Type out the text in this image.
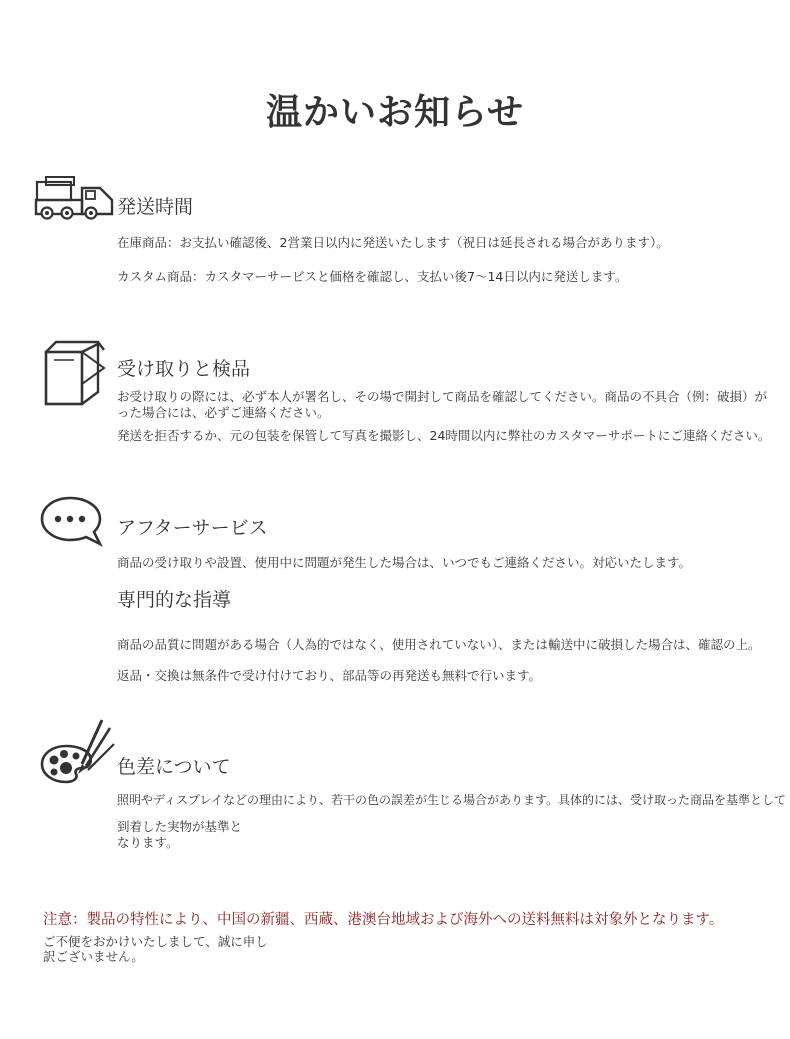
温かいお知らせ
発送時間
在庫商品：お支払い確認後、2営業日以内に発送いたします（祝日は延長される場合があります）。
カスタム商品：カスタマーサービスと価格を確認し、支払い後7〜14日以内に発送します。
受け取りと検品
お受け取りの際には、必ず本人が署名し、その場で開封して商品を確認してください。商品の不具合（例：破損）が
った場合には、必ずご連絡ください。
発送を拒否するか、元の包装を保管して写真を撮影し、24時間以内に弊社のカスタマーサポートにご連絡ください。
アフターサービス
商品の受け取りや設置、使用中に問題が発生した場合は、いつでもご連絡ください。対応いたします。
専門的な指導
商品の品質に問題がある場合（人為的ではなく、使用されていない）、または輸送中に破損した場合は、確認の上。
返品・交換は無条件で受け付けており、部品等の再発送も無料で行います。
色差について
照明やディスプレイなどの理由により、若干の色の誤差が生じる場合があります。具体的には、受け取った商品を基準として
到着した実物が基準と
なります。
注意：製品の特性により、中国の新疆、西蔵、港澳台地域および海外への送料無料は対象外となります。
ご不便をおかけいたしまして、誠に申し
訳ございません。
